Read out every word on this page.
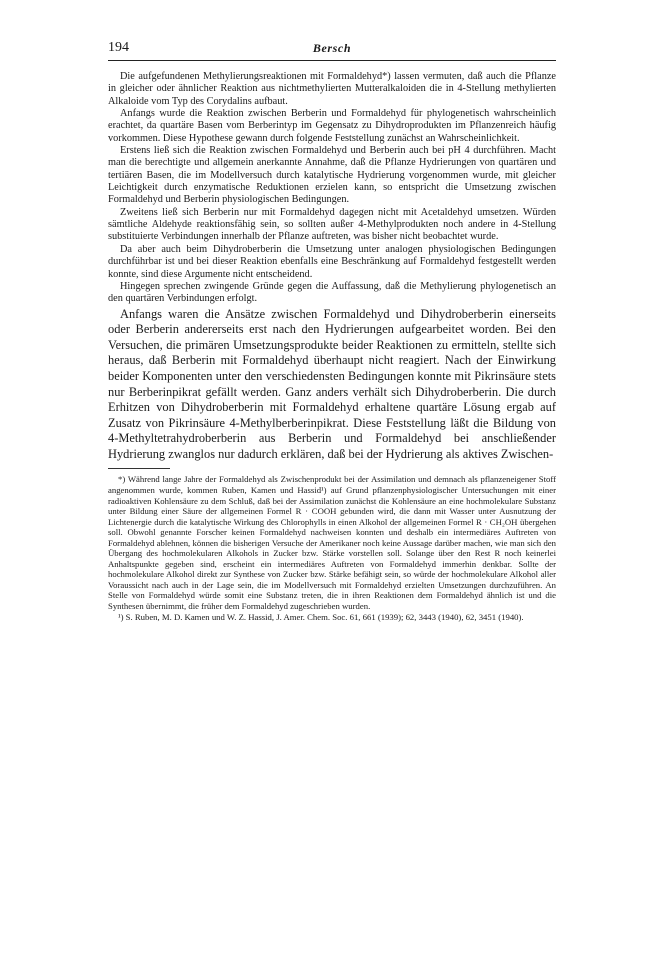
194	Bersch

Die aufgefundenen Methylierungsreaktionen mit Formaldehyd*) lassen vermuten, daß auch die Pflanze in gleicher oder ähnlicher Reaktion aus nichtmethylierten Mutteralkaloiden die in 4-Stellung methylierten Alkaloide vom Typ des Corydalins aufbaut.

Anfangs wurde die Reaktion zwischen Berberin und Formaldehyd für phylogenetisch wahrscheinlich erachtet, da quartäre Basen vom Berberintyp im Gegensatz zu Dihydroprodukten im Pflanzenreich häufig vorkommen. Diese Hypothese gewann durch folgende Feststellung zunächst an Wahrscheinlichkeit.

Erstens ließ sich die Reaktion zwischen Formaldehyd und Berberin auch bei pH 4 durchführen. Macht man die berechtigte und allgemein anerkannte Annahme, daß die Pflanze Hydrierungen von quartären und tertiären Basen, die im Modellversuch durch katalytische Hydrierung vorgenommen wurde, mit gleicher Leichtigkeit durch enzymatische Reduktionen erzielen kann, so entspricht die Umsetzung zwischen Formaldehyd und Berberin physiologischen Bedingungen.

Zweitens ließ sich Berberin nur mit Formaldehyd dagegen nicht mit Acetaldehyd umsetzen. Würden sämtliche Aldehyde reaktionsfähig sein, so sollten außer 4-Methylprodukten noch andere in 4-Stellung substituierte Verbindungen innerhalb der Pflanze auftreten, was bisher nicht beobachtet wurde.

Da aber auch beim Dihydroberberin die Umsetzung unter analogen physiologischen Bedingungen durchführbar ist und bei dieser Reaktion ebenfalls eine Beschränkung auf Formaldehyd festgestellt werden konnte, sind diese Argumente nicht entscheidend.

Hingegen sprechen zwingende Gründe gegen die Auffassung, daß die Methylierung phylogenetisch an den quartären Verbindungen erfolgt.

Anfangs waren die Ansätze zwischen Formaldehyd und Dihydroberberin einerseits oder Berberin andererseits erst nach den Hydrierungen aufgearbeitet worden. Bei den Versuchen, die primären Umsetzungsprodukte beider Reaktionen zu ermitteln, stellte sich heraus, daß Berberin mit Formaldehyd überhaupt nicht reagiert. Nach der Einwirkung beider Komponenten unter den verschiedensten Bedingungen konnte mit Pikrinsäure stets nur Berberinpikrat gefällt werden. Ganz anders verhält sich Dihydroberberin. Die durch Erhitzen von Dihydroberberin mit Formaldehyd erhaltene quartäre Lösung ergab auf Zusatz von Pikrinsäure 4-Methylberberinpikrat. Diese Feststellung läßt die Bildung von 4-Methyltetrahydroberberin aus Berberin und Formaldehyd bei anschließender Hydrierung zwanglos nur dadurch erklären, daß bei der Hydrierung als aktives Zwischen-

*) Während lange Jahre der Formaldehyd als Zwischenprodukt bei der Assimilation und demnach als pflanzeneigener Stoff angenommen wurde, kommen Ruben, Kamen und Hassid¹) auf Grund pflanzenphysiologischer Untersuchungen mit einer radioaktiven Kohlensäure zu dem Schluß, daß bei der Assimilation zunächst die Kohlensäure an eine hochmolekulare Substanz unter Bildung einer Säure der allgemeinen Formel R · COOH gebunden wird, die dann mit Wasser unter Ausnutzung der Lichtenergie durch die katalytische Wirkung des Chlorophylls in einen Alkohol der allgemeinen Formel R · CH₂OH übergehen soll. Obwohl genannte Forscher keinen Formaldehyd nachweisen konnten und deshalb ein intermediäres Auftreten von Formaldehyd ablehnen, können die bisherigen Versuche der Amerikaner noch keine Aussage darüber machen, wie man sich den Übergang des hochmolekularen Alkohols in Zucker bzw. Stärke vorstellen soll. Solange über den Rest R noch keinerlei Anhaltspunkte gegeben sind, erscheint ein intermediäres Auftreten von Formaldehyd immerhin denkbar. Sollte der hochmolekulare Alkohol direkt zur Synthese von Zucker bzw. Stärke befähigt sein, so würde der hochmolekulare Alkohol aller Voraussicht nach auch in der Lage sein, die im Modellversuch mit Formaldehyd erzielten Umsetzungen durchzuführen. An Stelle von Formaldehyd würde somit eine Substanz treten, die in ihren Reaktionen dem Formaldehyd ähnlich ist und die Synthesen übernimmt, die früher dem Formaldehyd zugeschrieben wurden.

¹) S. Ruben, M. D. Kamen und W. Z. Hassid, J. Amer. Chem. Soc. 61, 661 (1939); 62, 3443 (1940), 62, 3451 (1940).
